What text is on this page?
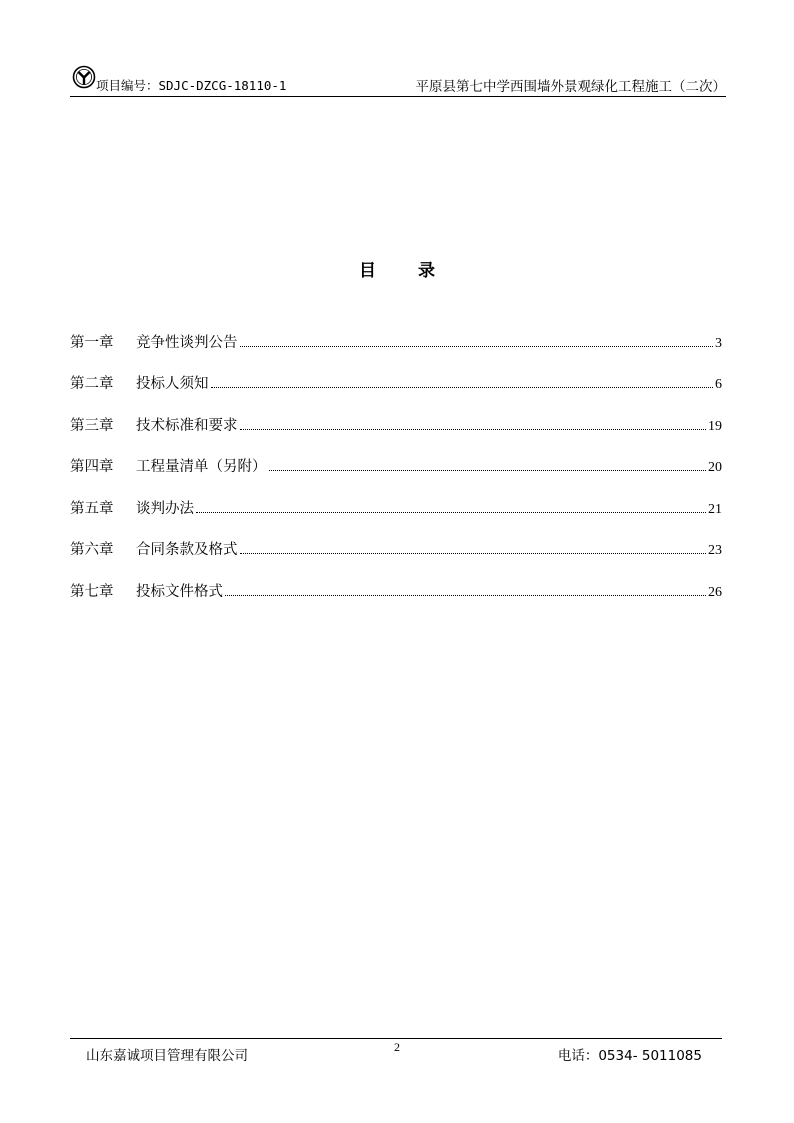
项目编号：SDJC-DZCG-18110-1	平原县第七中学西围墙外景观绿化工程施工（二次）
目 录
第一章	竞争性谈判公告	3
第二章	投标人须知	6
第三章	技术标准和要求	19
第四章	工程量清单（另附）	20
第五章	谈判办法	21
第六章	合同条款及格式	23
第七章	投标文件格式	26
山东嘉诚项目管理有限公司
2
电话：0534- 5011085
